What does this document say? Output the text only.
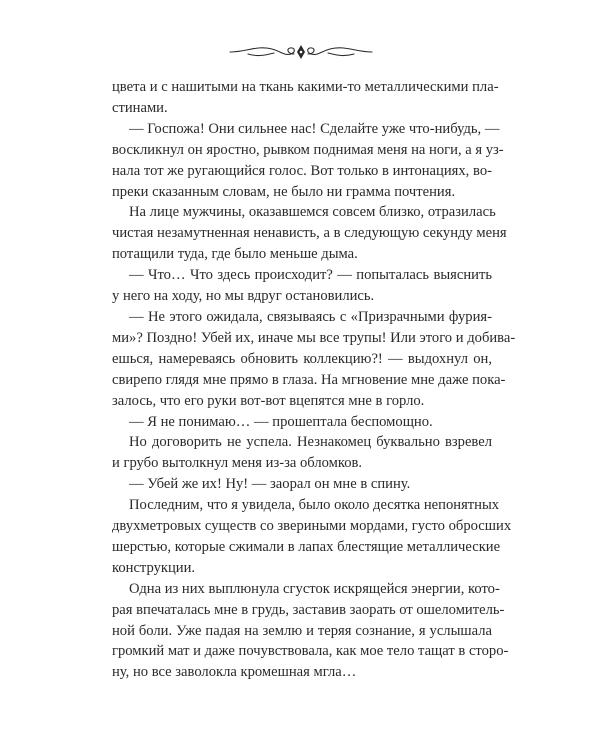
цвета и с нашитыми на ткань какими-то металлическими пла-
стинами.
— Госпожа! Они сильнее нас! Сделайте уже что-нибудь, —
воскликнул он яростно, рывком поднимая меня на ноги, а я уз-
нала тот же ругающийся голос. Вот только в интонациях, во-
преки сказанным словам, не было ни грамма почтения.
На лице мужчины, оказавшемся совсем близко, отразилась
чистая незамутненная ненависть, а в следующую секунду меня
потащили туда, где было меньше дыма.
— Что… Что здесь происходит? — попыталась выяснить
у него на ходу, но мы вдруг остановились.
— Не этого ожидала, связываясь с «Призрачными фурия-
ми»? Поздно! Убей их, иначе мы все трупы! Или этого и добива-
ешься, намереваясь обновить коллекцию?! — выдохнул он,
свирепо глядя мне прямо в глаза. На мгновение мне даже пока-
залось, что его руки вот-вот вцепятся мне в горло.
— Я не понимаю… — прошептала беспомощно.
Но договорить не успела. Незнакомец буквально взревел
и грубо вытолкнул меня из-за обломков.
— Убей же их! Ну! — заорал он мне в спину.
Последним, что я увидела, было около десятка непонятных
двухметровых существ со звериными мордами, густо обросших
шерстью, которые сжимали в лапах блестящие металлические
конструкции.
Одна из них выплюнула сгусток искрящейся энергии, кото-
рая впечаталась мне в грудь, заставив заорать от ошеломитель-
ной боли. Уже падая на землю и теряя сознание, я услышала
громкий мат и даже почувствовала, как мое тело тащат в сторо-
ну, но все заволокла кромешная мгла…
